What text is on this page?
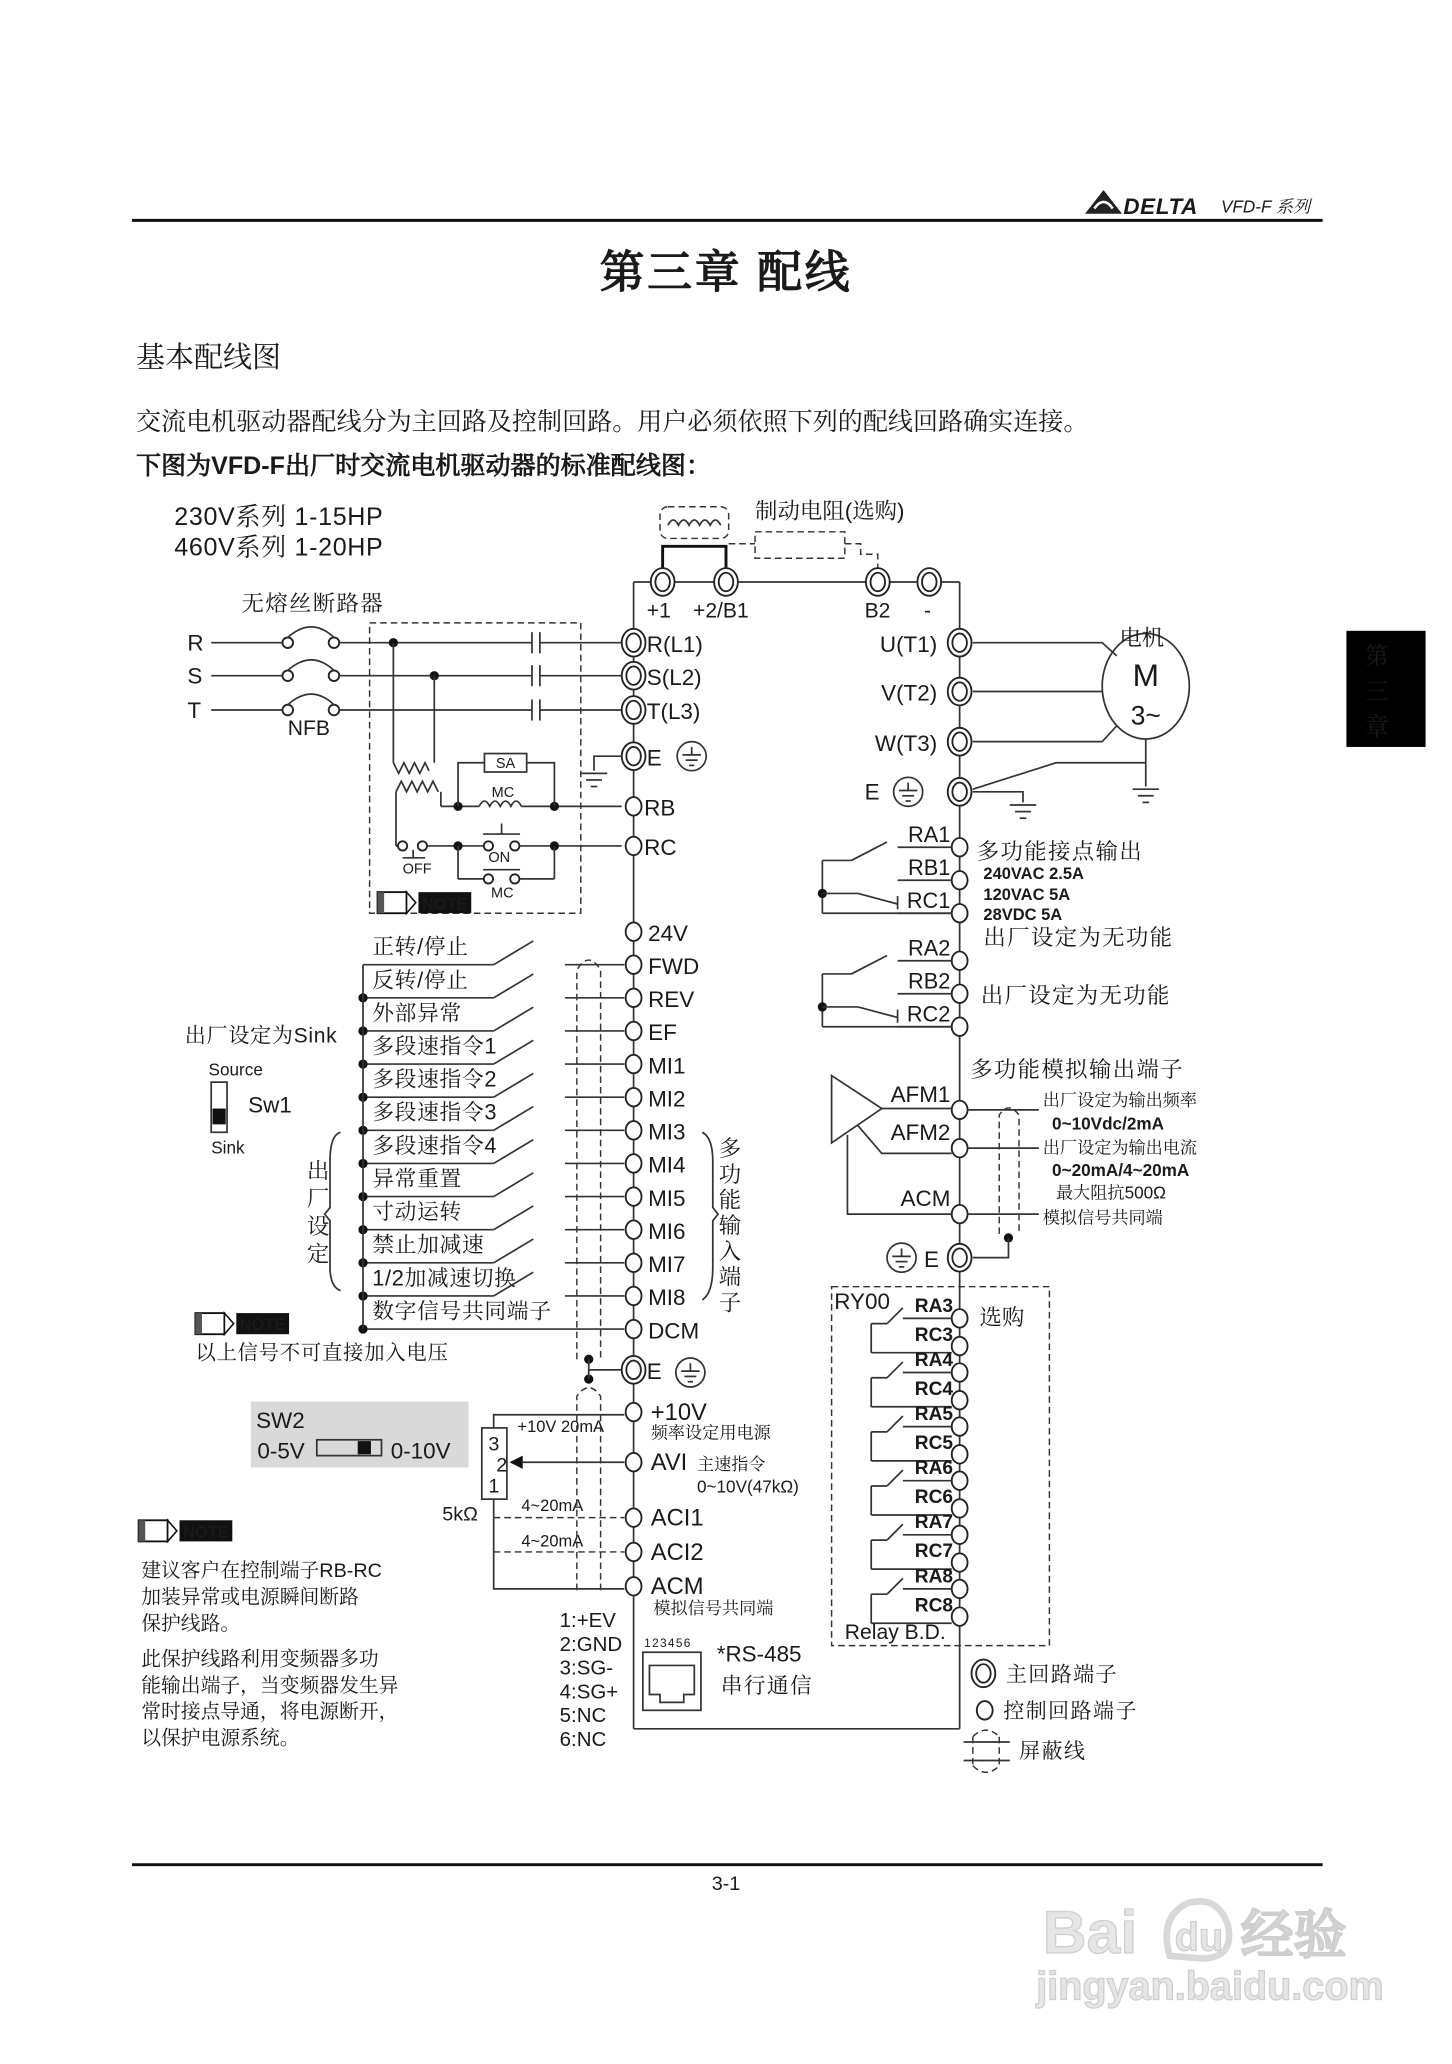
DELTA VFD-F 系列
第三章 配线
基本配线图
交流电机驱动器配线分为主回路及控制回路。用户必须依照下列的配线回路确实连接。
下图为VFD-F出厂时交流电机驱动器的标准配线图：
第
三
章
3-1
Bai du 经验
jingyan.baidu.com
230V系列 1-15HP
460V系列 1-20HP
制动电阻(选购)
+1 +2/B1	B2 -
无熔丝断路器
R	R(L1)
S	S(L2)
T	T(L3)
NFB
SA
MC
OFF
ON
MC
NOTE
E
RB
RC
U(T1)
V(T2)
W(T3)
M
3~
电机
E
24V
FWD
正转/停止
REV
反转/停止
EF
外部异常
MI1
多段速指令1
MI2
多段速指令2
MI3
多段速指令3
MI4
多段速指令4
MI5
异常重置
MI6
寸动运转
MI7
禁止加减速
MI8
1/2加减速切换
DCM
数字信号共同端子
出厂设定为Sink
Source
Sw1
Sink
出
厂
设
定
多
功
能
输
入
端
子
NOTE
以上信号不可直接加入电压
E
SW2
0-5V	0-10V
+10V
AVI
ACI1
ACI2
ACM
频率设定用电源
主速指令
0~10V(47kΩ)
模拟信号共同端
3
2
1
+10V 20mA
5kΩ	4~20mA
4~20mA
1:+EV
2:GND
3:SG-
4:SG+
5:NC
6:NC
123456 *RS-485
串行通信
NOTE
建议客户在控制端子RB-RC
加装异常或电源瞬间断路
保护线路。
此保护线路利用变频器多功
能输出端子，当变频器发生异
常时接点导通，将电源断开，
以保护电源系统。
RA1
RB1
RC1
多功能接点输出
240VAC 2.5A
120VAC 5A
28VDC 5A
出厂设定为无功能
RA2
RB2
RC2
出厂设定为无功能
多功能模拟输出端子
AFM1
AFM2
ACM
出厂设定为输出频率
0~10Vdc/2mA
出厂设定为输出电流
0~20mA/4~20mA
最大阻抗500Ω
模拟信号共同端
E
RY00
选购
RA3
RC3
RA4
RC4
RA5
RC5
RA6
RC6
RA7
RC7
RA8
RC8
Relay B.D.
主回路端子
控制回路端子
屏蔽线
